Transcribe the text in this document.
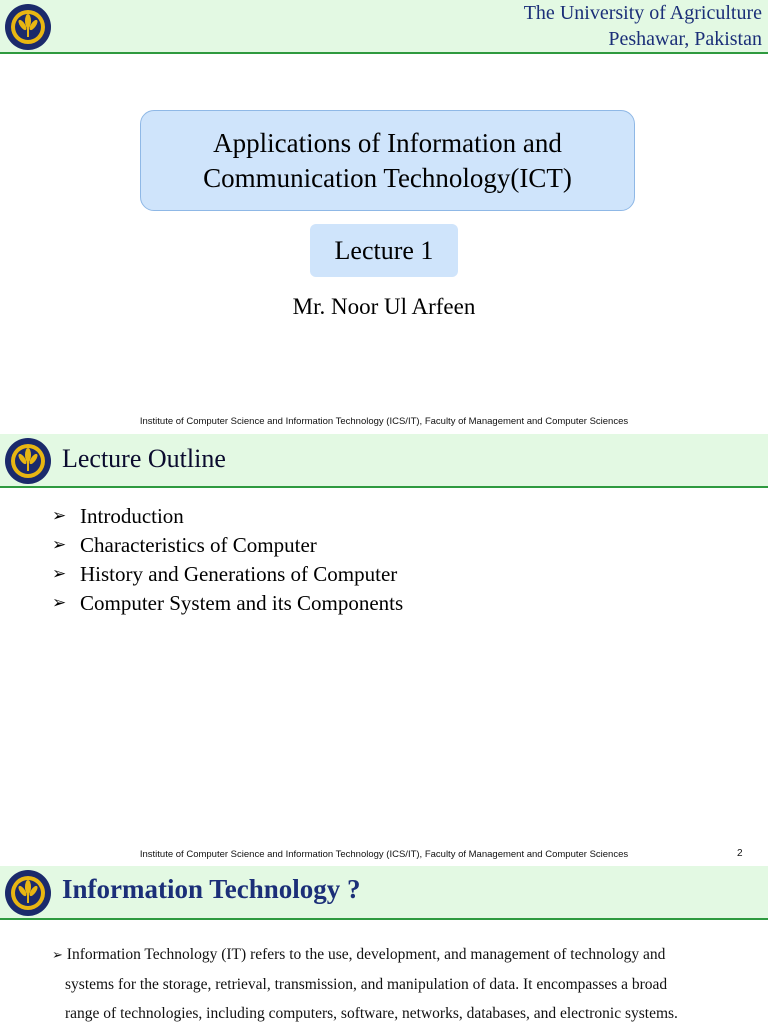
The University of Agriculture
Peshawar, Pakistan
Applications of Information and
Communication Technology(ICT)
Lecture 1
Mr. Noor Ul Arfeen
Institute of Computer Science and Information Technology (ICS/IT), Faculty of Management and Computer Sciences
Lecture Outline
➢ Introduction
➢ Characteristics of Computer
➢ History and Generations of Computer
➢ Computer System and its Components
Institute of Computer Science and Information Technology (ICS/IT), Faculty of Management and Computer Sciences	2
Information Technology ?
➢ Information Technology (IT) refers to the use, development, and management of technology and
systems for the storage, retrieval, transmission, and manipulation of data. It encompasses a broad
range of technologies, including computers, software, networks, databases, and electronic systems.
